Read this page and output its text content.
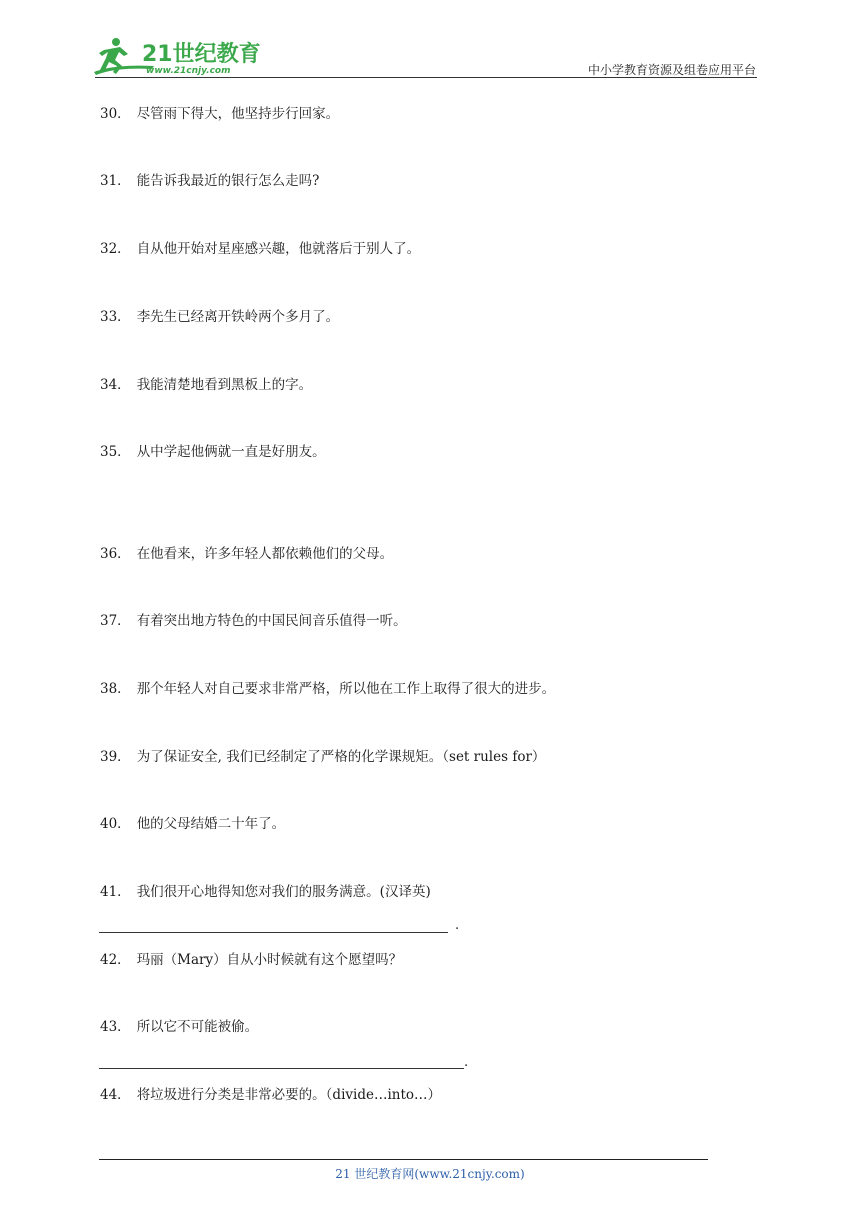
21世纪教育
www.21cnjy.com	中小学教育资源及组卷应用平台
30． 尽管雨下得大，他坚持步行回家。
31． 能告诉我最近的银行怎么走吗?
32． 自从他开始对星座感兴趣，他就落后于别人了。
33． 李先生已经离开铁岭两个多月了。
34． 我能清楚地看到黑板上的字。
35． 从中学起他俩就一直是好朋友。
36． 在他看来，许多年轻人都依赖他们的父母。
37． 有着突出地方特色的中国民间音乐值得一听。
38． 那个年轻人对自己要求非常严格，所以他在工作上取得了很大的进步。
39． 为了保证安全, 我们已经制定了严格的化学课规矩。（set rules for）
40． 他的父母结婚二十年了。
41． 我们很开心地得知您对我们的服务满意。(汉译英)
.
42． 玛丽（Mary）自从小时候就有这个愿望吗？
43． 所以它不可能被偷。
.
44． 将垃圾进行分类是非常必要的。（divide…into…）
21 世纪教育网(www.21cnjy.com)
